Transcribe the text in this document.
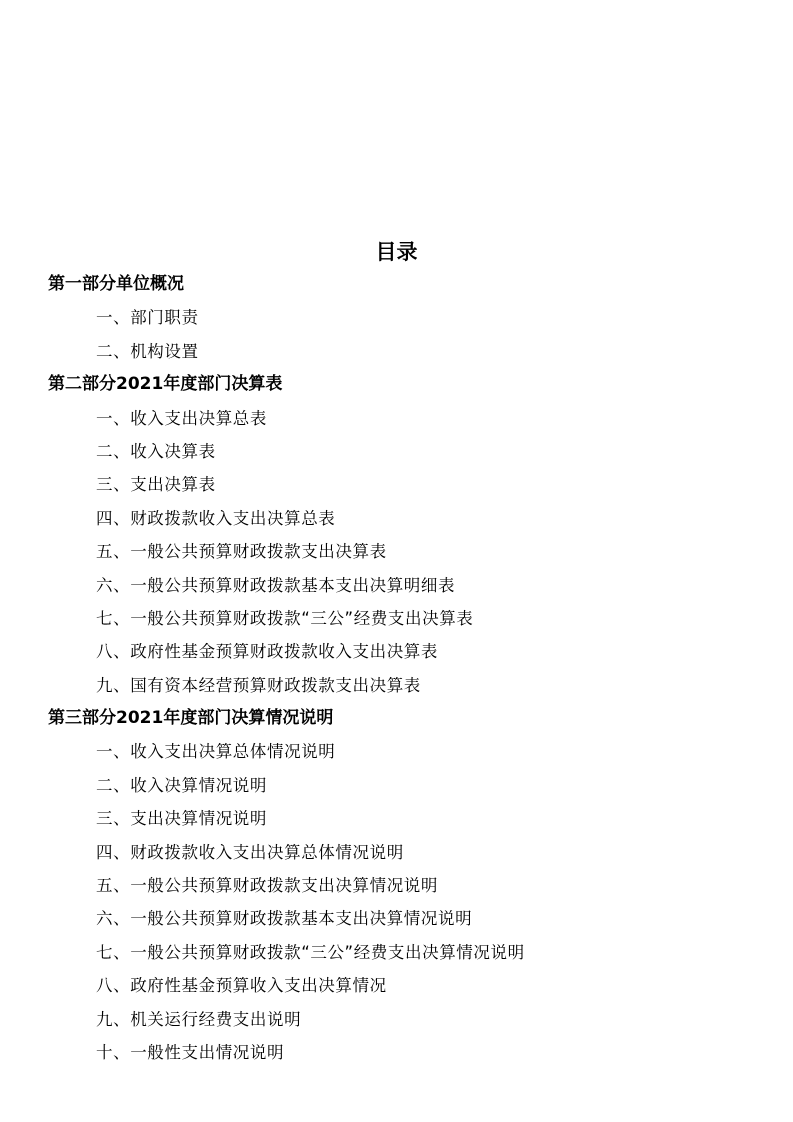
目录
第一部分单位概况
一、部门职责
二、机构设置
第二部分2021年度部门决算表
一、收入支出决算总表
二、收入决算表
三、支出决算表
四、财政拨款收入支出决算总表
五、一般公共预算财政拨款支出决算表
六、一般公共预算财政拨款基本支出决算明细表
七、一般公共预算财政拨款“三公”经费支出决算表
八、政府性基金预算财政拨款收入支出决算表
九、国有资本经营预算财政拨款支出决算表
第三部分2021年度部门决算情况说明
一、收入支出决算总体情况说明
二、收入决算情况说明
三、支出决算情况说明
四、财政拨款收入支出决算总体情况说明
五、一般公共预算财政拨款支出决算情况说明
六、一般公共预算财政拨款基本支出决算情况说明
七、一般公共预算财政拨款“三公”经费支出决算情况说明
八、政府性基金预算收入支出决算情况
九、机关运行经费支出说明
十、一般性支出情况说明
